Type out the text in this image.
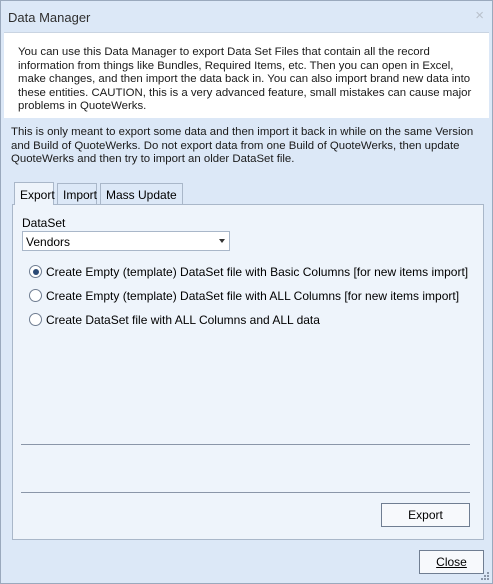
Data Manager	×
You can use this Data Manager to export Data Set Files that contain all the record information from things like Bundles, Required Items, etc. Then you can open in Excel, make changes, and then import the data back in. You can also import brand new data into these entities. CAUTION, this is a very advanced feature, small mistakes can cause major problems in QuoteWerks.
This is only meant to export some data and then import it back in while on the same Version and Build of QuoteWerks. Do not export data from one Build of QuoteWerks, then update QuoteWerks and then try to import an older DataSet file.
Export Import Mass Update
DataSet
Vendors
Create Empty (template) DataSet file with Basic Columns [for new items import]
Create Empty (template) DataSet file with ALL Columns [for new items import]
Create DataSet file with ALL Columns and ALL data
Export
Close
